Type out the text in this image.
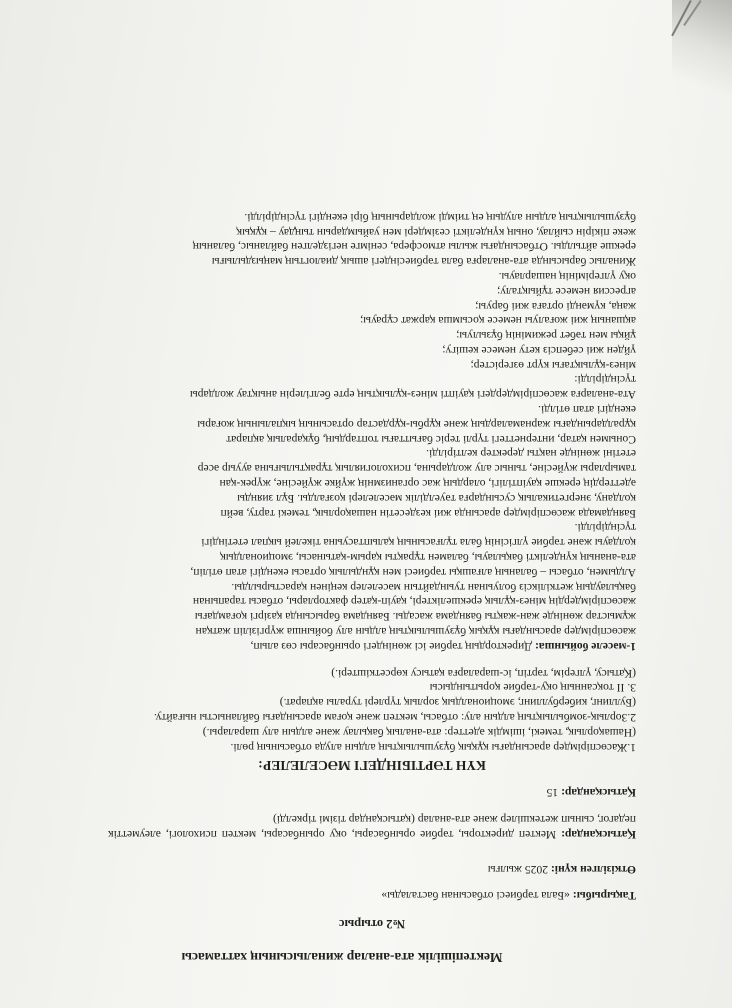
Мектепішілік ата-аналар жиналысының хаттамасы
№2 отырыс
Тақырыбы: «Бала тәрбиесі отбасынан басталады»
Өткізілген күні: 2025 жылғы
Қатысқандар: Мектеп директоры, тәрбие орынбасары, оқу орынбасары, мектеп психологі, әлеуметтік педагог, сынып жетекшілер және ата-аналар (қатысқандар тізімі тіркелді)
Қатысқандар: 15
КҮН ТӘРТІБІНДЕГІ МӘСЕЛЕЛЕР:
1.Жасөспірімдер арасындағы құқық бұзушылықтың алдын алуда отбасының рөлі.
(Нашақорлық, темекі, ішімдік әдеттер: ата-аналық бақылау және алдын алу шаралары.)
2.Зорлық-зомбылықтың алдын алу: отбасы, мектеп және қоғам арасындағы байланысты нығайту.
(Буллинг, кибербуллинг, эмоционалдық зорлық түрлері туралы ақпарат.)
3. II тоқсанның оқу-тәрбие қорытындысы
(Қатысу, үлгерім, тәртіп, іс-шараларға қатысу көрсеткіштері.)
1-мәселе бойынша: Директордың тәрбие ісі жөніндегі орынбасары сөз алып,
жасөспірімдер арасындағы құқық бұзушылықтың алдын алу бойынша жүргізіліп жатқан
жұмыстар жөнінде жан-жақты баяндама жасады. Баяндама барысында қазіргі қоғамдағы
жасөспірімдердің мінез-құлық ерекшеліктері, қауіп-қатер факторлары, отбасы тарапынан
бақылаудың жеткіліксіз болуынан туындайтын мәселелер кеңінен қарастырылды.
Алдымен, отбасы – баланың алғашқы тәрбиесі мен құндылық ортасы екендігі атап өтіліп,
ата-ананың күнделікті бақылауы, баламен тұрақты қарым-қатынасы, эмоционалдық
қолдауы және тәрбие үлгісінің бала тұлғасының қалыптасуына тікелей ықпал ететіндігі
түсіндірілді.
Баяндамада жасөспірімдер арасында жиі кездесетін нашақорлық, темекі тарту, вейп
қолдану, энергетикалық сусындарға тәуелділік мәселелері қозғалды. Бұл зиянды
әдеттердің ерекше қауіптілігі, олардың жас организмнің жүйке жүйесіне, жүрек-қан
тамырлары жүйесіне, тыныс алу жолдарына, психологиялық тұрақтылығына аууыр әсер
ететіні жөнінде нақты деректер келтірілді.
Сонымен қатар, интернеттегі түрлі теріс бағыттағы топтардың, бұқаралық ақпарат
құралдарындағы жарнамалардың және құрбы-құрдастар ортасының ықпалының жоғары
екендігі атап өтілді.
Ата-аналарға жасөспірімдердегі қауіпті мінез-құлықтың ерте белгілерін анықтау жолдары
түсіндірілді:
мінез-құлықтағы күрт өзгерістер;
үйден жиі себепсіз кету немесе кешігу;
ұйқы мен тәбет режимінің бұзылуы;
ақшаның жиі жоғалуы немесе қосымша қаржат сұрауы;
жаңа, күмәнді ортаға жиі баруы;
агрессия немесе тұйықталу;
оқу үлгерімінің нашарлауы.
Жиналыс барысында ата-аналарға бала тәрбиесіндегі ашық диалогтың маңыздылығы
ерекше айтылды. Отбасындағы жылы атмосфера, сенімге негізделген байланыс, баланың
жеке пікірін сыйлау, оның күнделікті сезімдері мен уайымдарын тыңдау – құқық
бұзушылықтың алдын алудың ең тиімді жолдарының бірі екендігі түсіндірілді.
